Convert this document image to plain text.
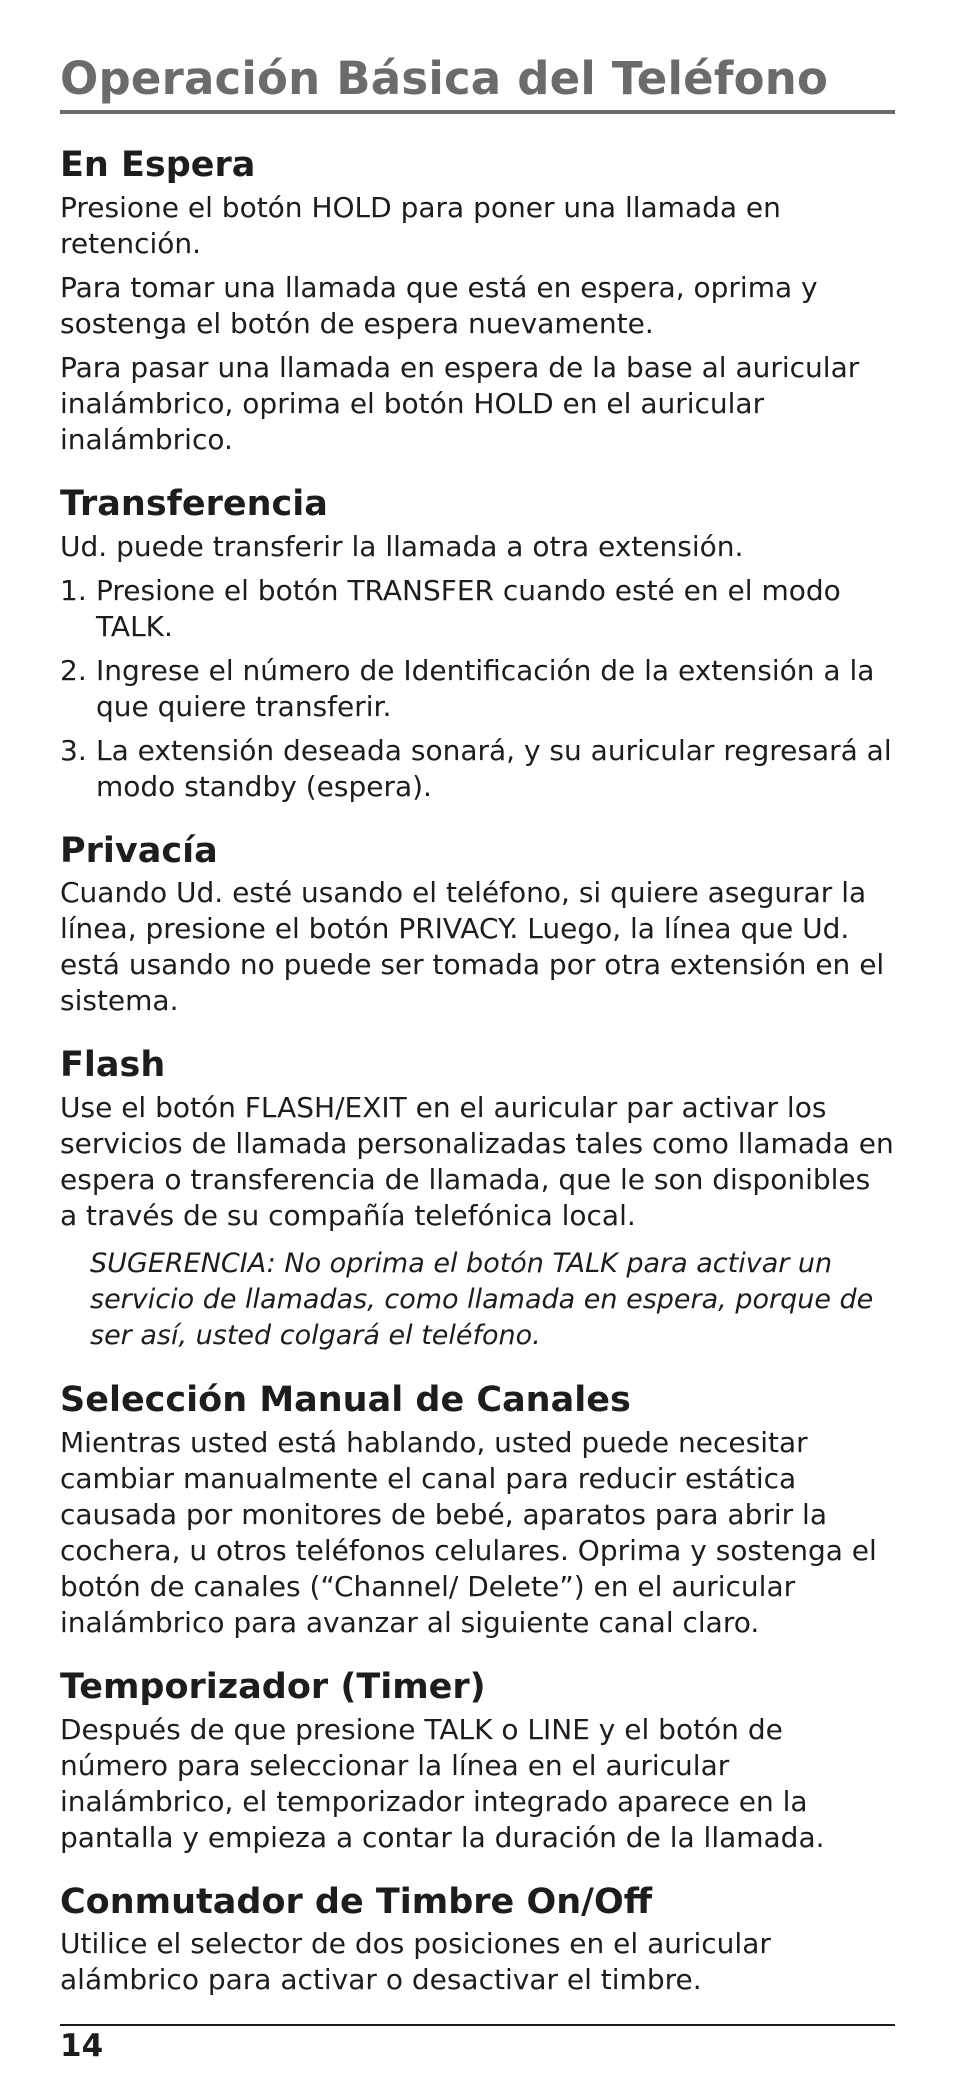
Operación Básica del Teléfono
En Espera

Presione el botón HOLD para poner una llamada en retención.

Para tomar una llamada que está en espera, oprima y sostenga el botón de espera nuevamente.

Para pasar una llamada en espera de la base al auricular inalámbrico, oprima el botón HOLD en el auricular inalámbrico.

Transferencia

Ud. puede transferir la llamada a otra extensión.

1. Presione el botón TRANSFER cuando esté en el modo TALK.
2. Ingrese el número de Identificación de la extensión a la que quiere transferir.
3. La extensión deseada sonará, y su auricular regresará al modo standby (espera).
Privacía

Cuando Ud. esté usando el teléfono, si quiere asegurar la línea, presione el botón PRIVACY. Luego, la línea que Ud. está usando no puede ser tomada por otra extensión en el sistema.

Flash

Use el botón FLASH/EXIT en el auricular par activar los servicios de llamada personalizadas tales como llamada en espera o transferencia de llamada, que le son disponibles a través de su compañía telefónica local.

SUGERENCIA: No oprima el botón TALK para activar un servicio de llamadas, como llamada en espera, porque de ser así, usted colgará el teléfono.

Selección Manual de Canales

Mientras usted está hablando, usted puede necesitar cambiar manualmente el canal para reducir estática causada por monitores de bebé, aparatos para abrir la cochera, u otros teléfonos celulares. Oprima y sostenga el botón de canales (“Channel/ Delete”) en el auricular inalámbrico para avanzar al siguiente canal claro.

Temporizador (Timer)

Después de que presione TALK o LINE y el botón de número para seleccionar la línea en el auricular inalámbrico, el temporizador integrado aparece en la pantalla y empieza a contar la duración de la llamada.

Conmutador de Timbre On/Off

Utilice el selector de dos posiciones en el auricular alámbrico para activar o desactivar el timbre.

14
